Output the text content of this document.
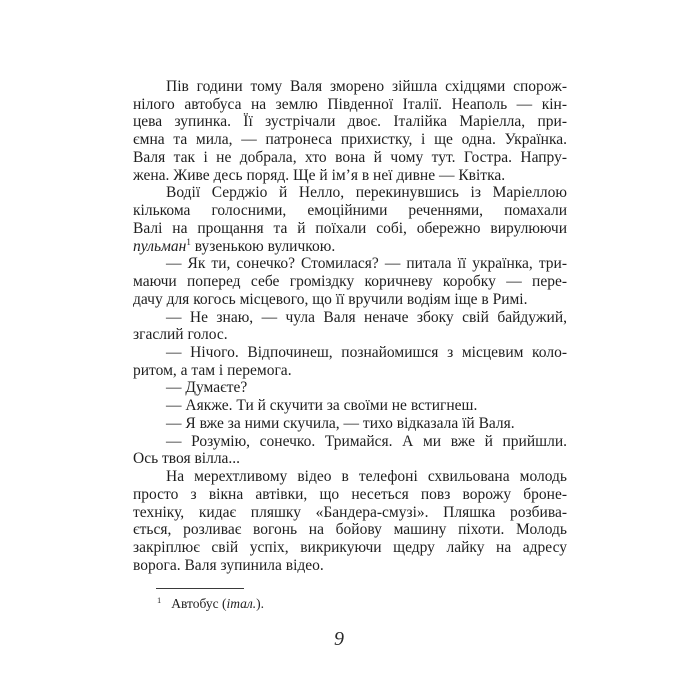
Пів години тому Валя зморено зійшла східцями спорож-
нілого автобуса на землю Південної Італії. Неаполь — кін-
цева зупинка. Її зустрічали двоє. Італійка Маріелла, при-
ємна та мила, — патронеса прихистку, і ще одна. Українка.
Валя так і не добрала, хто вона й чому тут. Гостра. Напру-
жена. Живе десь поряд. Ще й ім’я в неї дивне — Квітка.

Водії Серджіо й Нелло, перекинувшись із Маріеллою
кількома голосними, емоційними реченнями, помахали
Валі на прощання та й поїхали собі, обережно вирулюючи
пульман$^1$ вузенькою вуличкою.

— Як ти, сонечко? Стомилася? — питала її українка, три-
маючи поперед себе громіздку коричневу коробку — пере-
дачу для когось місцевого, що її вручили водіям іще в Римі.

— Не знаю, — чула Валя неначе збоку свій байдужий,
згаслий голос.

— Нічого. Відпочинеш, познайомишся з місцевим коло-
ритом, а там і перемога.

— Думаєте?

— Аякже. Ти й скучити за своїми не встигнеш.

— Я вже за ними скучила, — тихо відказала їй Валя.

— Розумію, сонечко. Тримайся. А ми вже й прийшли.
Ось твоя вілла...

На мерехтливому відео в телефоні схвильована молодь
просто з вікна автівки, що несеться повз ворожу броне-
техніку, кидає пляшку «Бандера-смузі». Пляшка розбива-
ється, розливає вогонь на бойову машину піхоти. Молодь
закріплює свій успіх, викрикуючи щедру лайку на адресу
ворога. Валя зупинила відео.

$^1$ Автобус (італ.).
9
